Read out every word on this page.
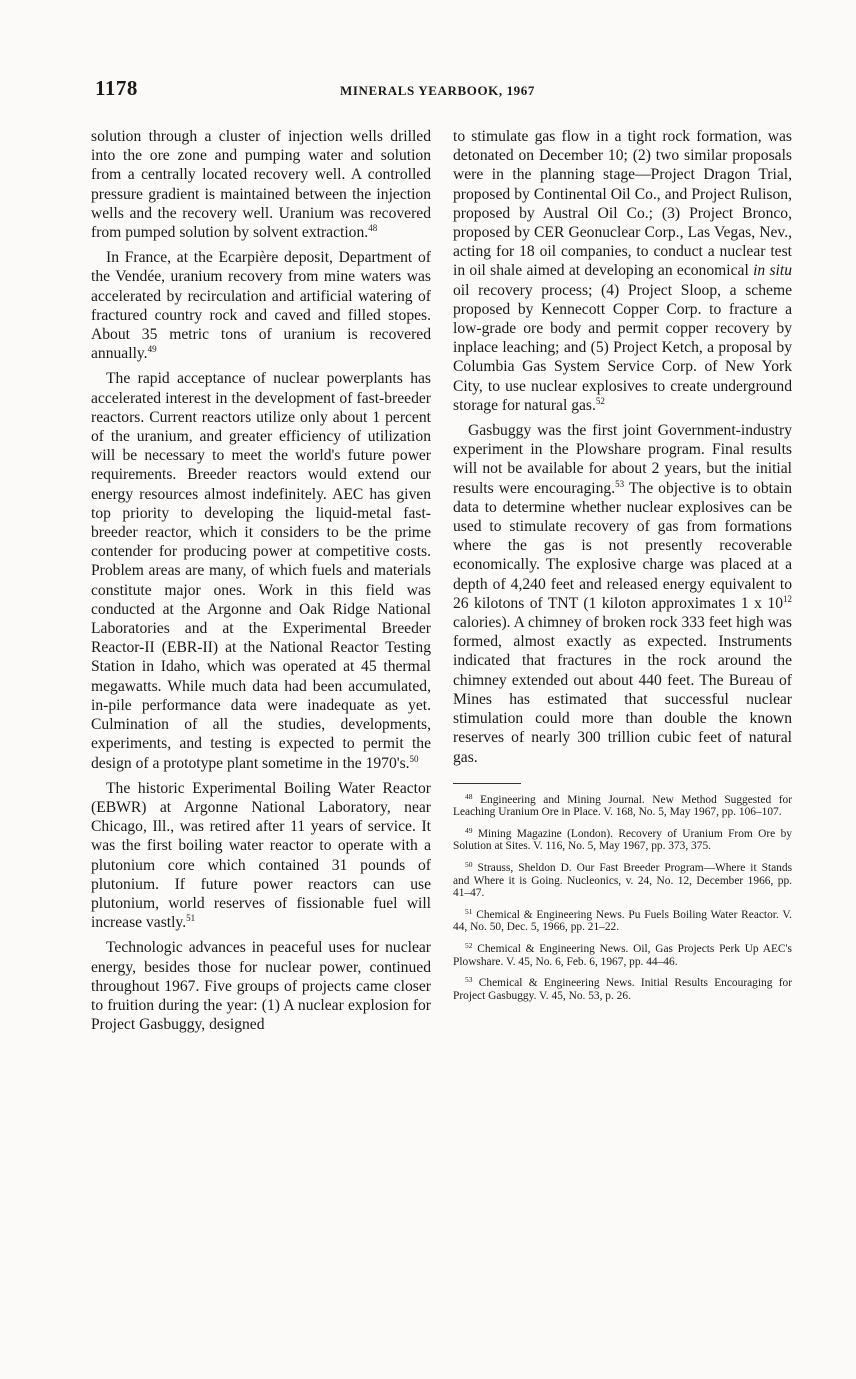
1178	MINERALS YEARBOOK, 1967

solution through a cluster of injection wells drilled into the ore zone and pumping water and solution from a centrally located recovery well. A controlled pressure gradient is maintained between the injection wells and the recovery well. Uranium was recovered from pumped solution by solvent extraction.$^{48}$

In France, at the Ecarpière deposit, Department of the Vendée, uranium recovery from mine waters was accelerated by recirculation and artificial watering of fractured country rock and caved and filled stopes. About 35 metric tons of uranium is recovered annually.$^{49}$

The rapid acceptance of nuclear powerplants has accelerated interest in the development of fast-breeder reactors. Current reactors utilize only about 1 percent of the uranium, and greater efficiency of utilization will be necessary to meet the world's future power requirements. Breeder reactors would extend our energy resources almost indefinitely. AEC has given top priority to developing the liquid-metal fast-breeder reactor, which it considers to be the prime contender for producing power at competitive costs. Problem areas are many, of which fuels and materials constitute major ones. Work in this field was conducted at the Argonne and Oak Ridge National Laboratories and at the Experimental Breeder Reactor-II (EBR-II) at the National Reactor Testing Station in Idaho, which was operated at 45 thermal megawatts. While much data had been accumulated, in-pile performance data were inadequate as yet. Culmination of all the studies, developments, experiments, and testing is expected to permit the design of a prototype plant sometime in the 1970's.$^{50}$

The historic Experimental Boiling Water Reactor (EBWR) at Argonne National Laboratory, near Chicago, Ill., was retired after 11 years of service. It was the first boiling water reactor to operate with a plutonium core which contained 31 pounds of plutonium. If future power reactors can use plutonium, world reserves of fissionable fuel will increase vastly.$^{51}$

Technologic advances in peaceful uses for nuclear energy, besides those for nuclear power, continued throughout 1967. Five groups of projects came closer to fruition during the year: (1) A nuclear explosion for Project Gasbuggy, designed

to stimulate gas flow in a tight rock formation, was detonated on December 10; (2) two similar proposals were in the planning stage—Project Dragon Trial, proposed by Continental Oil Co., and Project Rulison, proposed by Austral Oil Co.; (3) Project Bronco, proposed by CER Geonuclear Corp., Las Vegas, Nev., acting for 18 oil companies, to conduct a nuclear test in oil shale aimed at developing an economical in situ oil recovery process; (4) Project Sloop, a scheme proposed by Kennecott Copper Corp. to fracture a low-grade ore body and permit copper recovery by inplace leaching; and (5) Project Ketch, a proposal by Columbia Gas System Service Corp. of New York City, to use nuclear explosives to create underground storage for natural gas.$^{52}$

Gasbuggy was the first joint Government-industry experiment in the Plowshare program. Final results will not be available for about 2 years, but the initial results were encouraging.$^{53}$ The objective is to obtain data to determine whether nuclear explosives can be used to stimulate recovery of gas from formations where the gas is not presently recoverable economically. The explosive charge was placed at a depth of 4,240 feet and released energy equivalent to 26 kilotons of TNT (1 kiloton approximates 1 x $10^{12}$ calories). A chimney of broken rock 333 feet high was formed, almost exactly as expected. Instruments indicated that fractures in the rock around the chimney extended out about 440 feet. The Bureau of Mines has estimated that successful nuclear stimulation could more than double the known reserves of nearly 300 trillion cubic feet of natural gas.

$^{48}$ Engineering and Mining Journal. New Method Suggested for Leaching Uranium Ore in Place. V. 168, No. 5, May 1967, pp. 106–107.

$^{49}$ Mining Magazine (London). Recovery of Uranium From Ore by Solution at Sites. V. 116, No. 5, May 1967, pp. 373, 375.

$^{50}$ Strauss, Sheldon D. Our Fast Breeder Program—Where it Stands and Where it is Going. Nucleonics, v. 24, No. 12, December 1966, pp. 41–47.

$^{51}$ Chemical & Engineering News. Pu Fuels Boiling Water Reactor. V. 44, No. 50, Dec. 5, 1966, pp. 21–22.

$^{52}$ Chemical & Engineering News. Oil, Gas Projects Perk Up AEC's Plowshare. V. 45, No. 6, Feb. 6, 1967, pp. 44–46.

$^{53}$ Chemical & Engineering News. Initial Results Encouraging for Project Gasbuggy. V. 45, No. 53, p. 26.
